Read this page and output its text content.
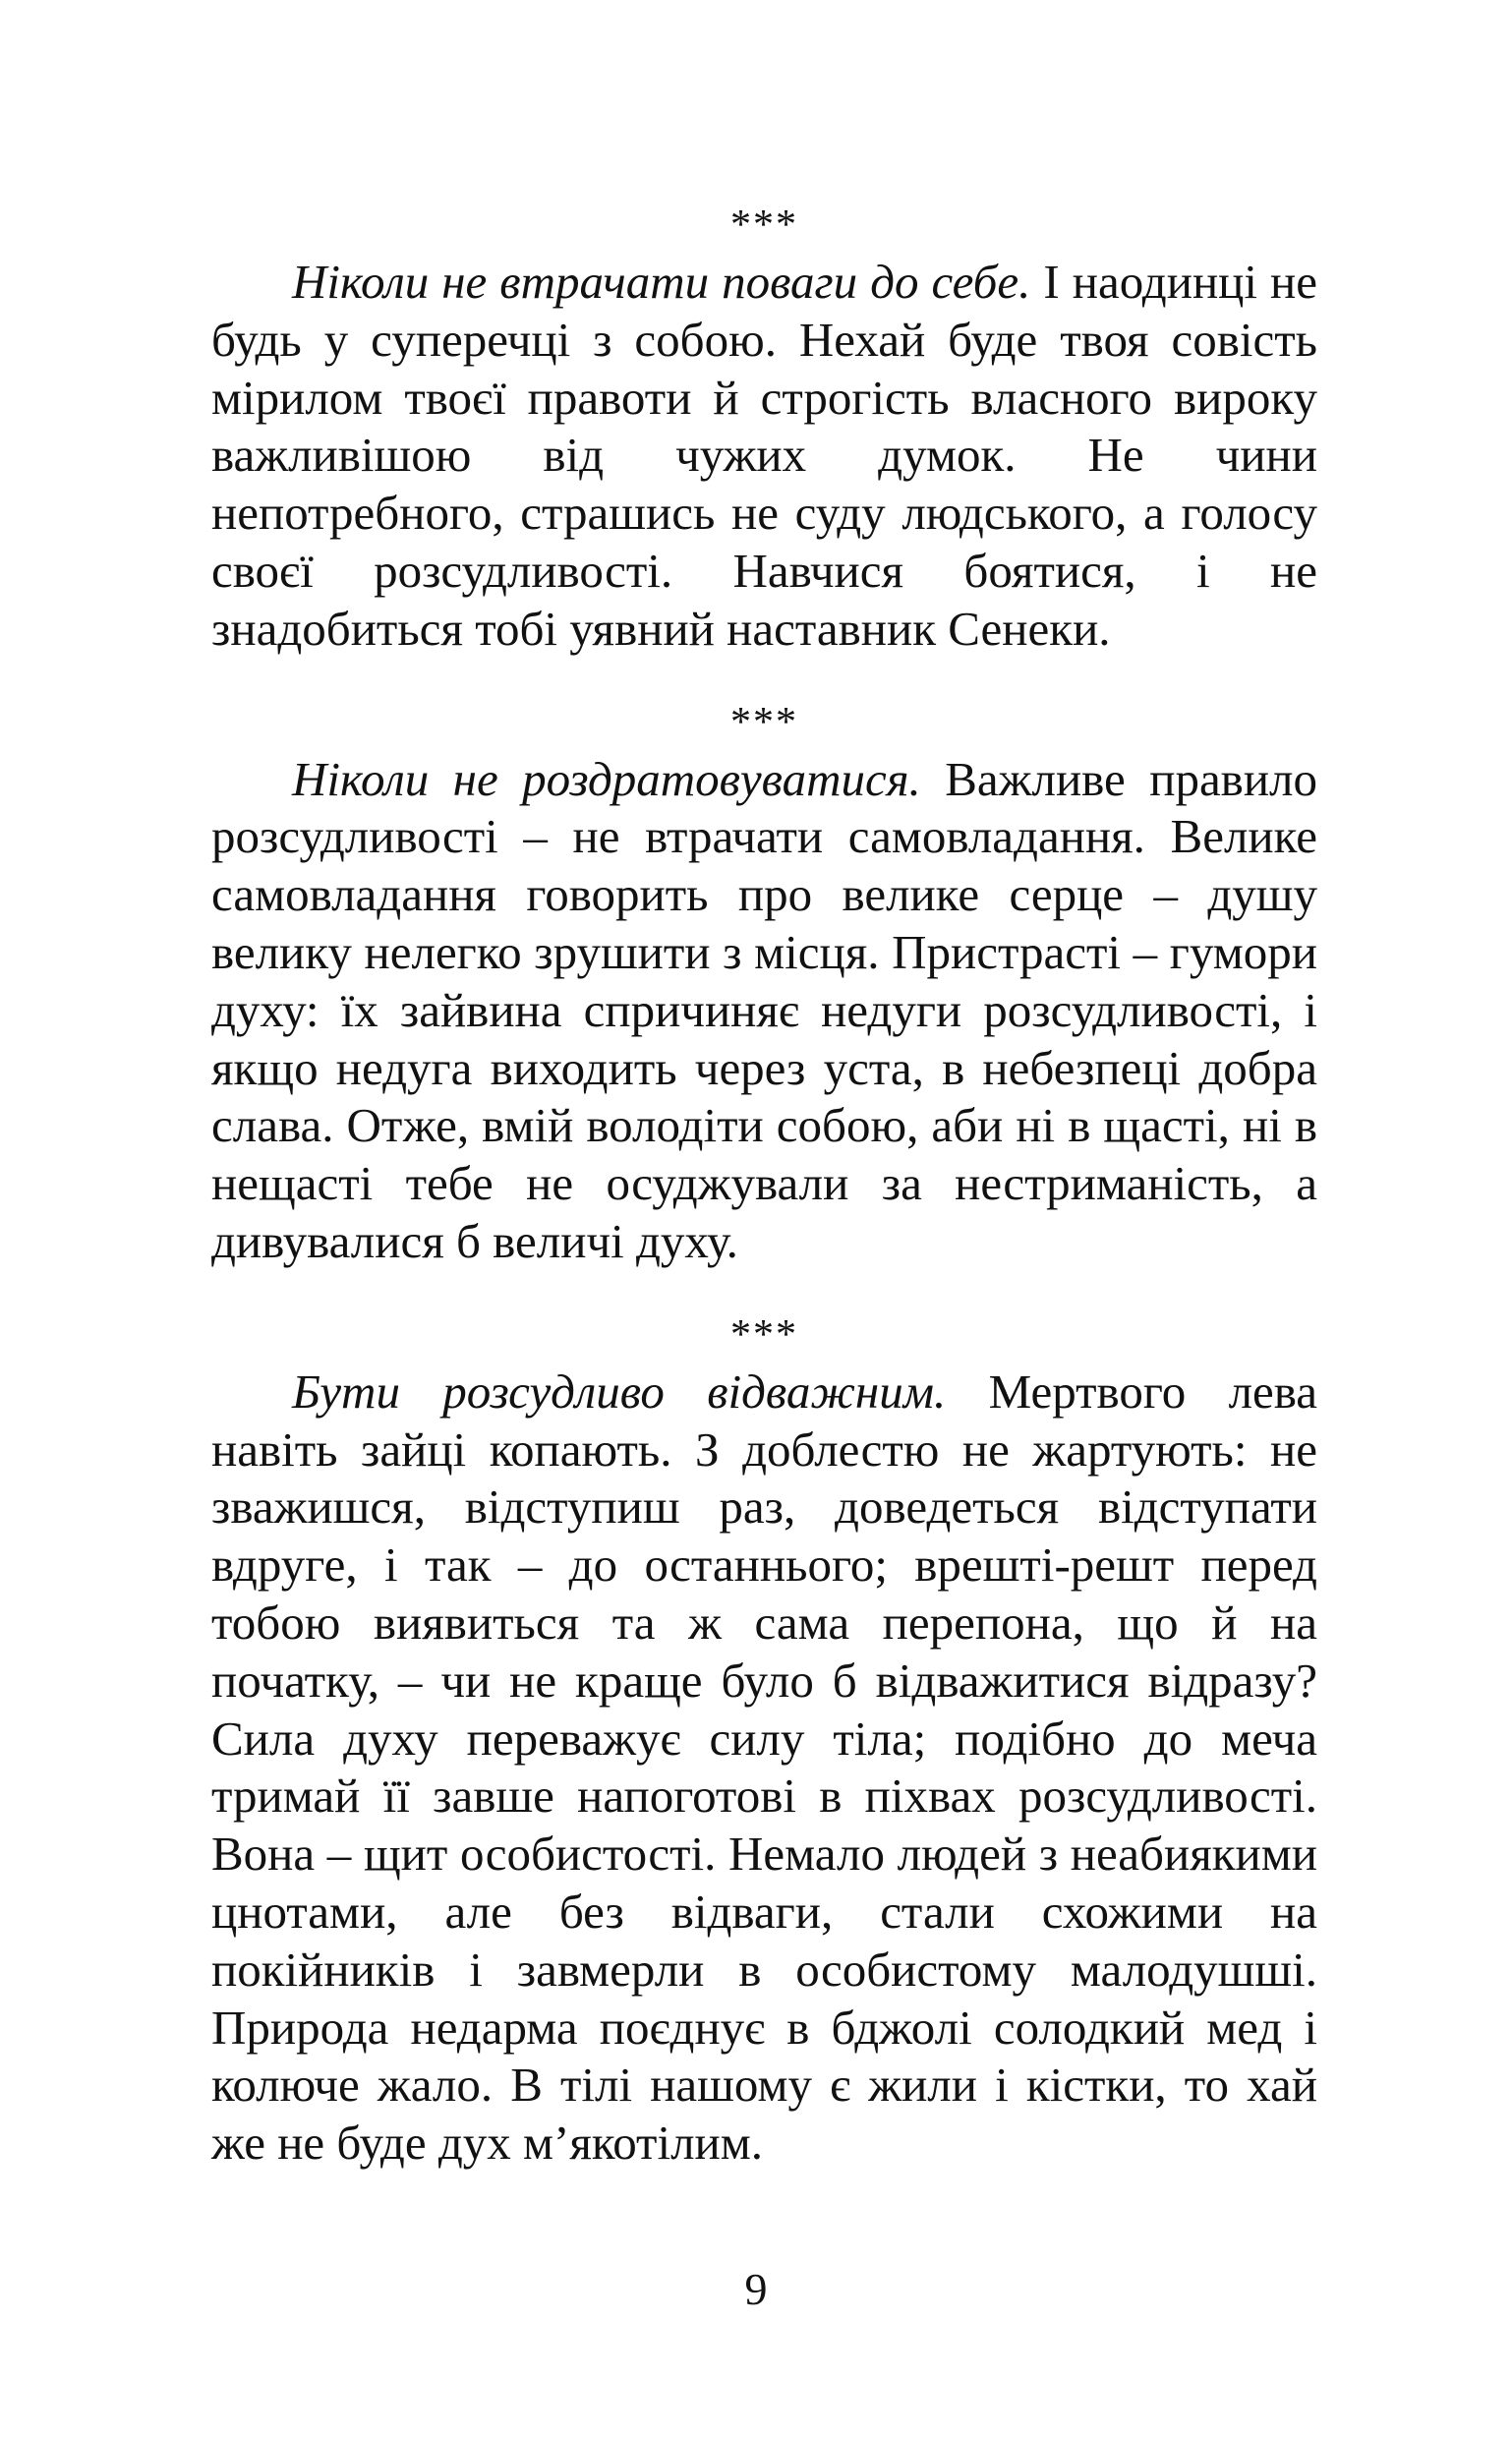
***

Ніколи не втрачати поваги до себе. І наодинці не будь у суперечці з собою. Нехай буде твоя совість мірилом твоєї правоти й строгість власного вироку важливішою від чужих думок. Не чини непотребного, страшись не суду людського, а голосу своєї розсудливості. Навчися боятися, і не знадобиться тобі уявний наставник Сенеки.

***

Ніколи не роздратовуватися. Важливе правило розсудливості – не втрачати самовладання. Велике самовладання говорить про велике серце – душу велику нелегко зрушити з місця. Пристрасті – гумори духу: їх зайвина спричиняє недуги розсудливості, і якщо недуга виходить через уста, в небезпеці добра слава. Отже, вмій володіти собою, аби ні в щасті, ні в нещасті тебе не осуджували за нестриманість, а дивувалися б величі духу.

***

Бути розсудливо відважним. Мертвого лева навіть зайці копають. З доблестю не жартують: не зважишся, відступиш раз, доведеться відступати вдруге, і так – до останнього; врешті-решт перед тобою виявиться та ж сама перепона, що й на початку, – чи не краще було б відважитися відразу? Сила духу переважує силу тіла; подібно до меча тримай її завше напоготові в піхвах розсудливості. Вона – щит особистості. Немало людей з неабиякими цнотами, але без відваги, стали схожими на покійників і завмерли в особистому малодушші. Природа недарма поєднує в бджолі солодкий мед і колюче жало. В тілі нашому є жили і кістки, то хай же не буде дух м’якотілим.

9
